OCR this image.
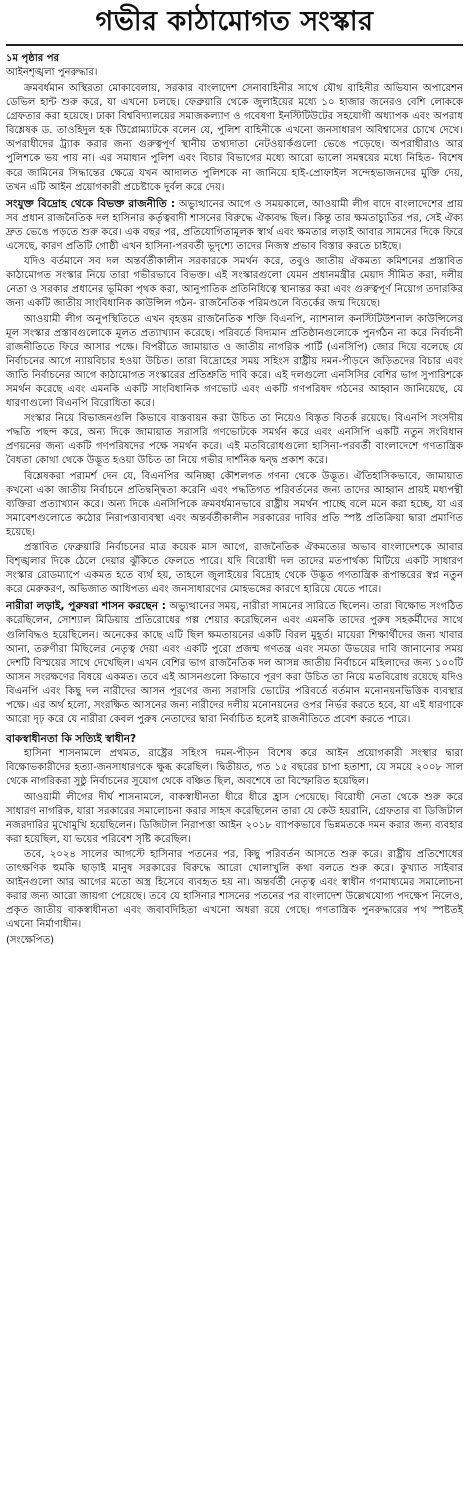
গভীর কাঠামোগত সংস্কার
১ম পৃষ্ঠার পর
আইনশৃঙ্খলা পুনরুদ্ধার।

ক্রমবর্ধমান অস্থিরতা মোকাবেলায়, সরকার বাংলাদেশ সেনাবাহিনীর সাথে যৌথ বাহিনীর অভিযান অপারেশন ডেভিল হান্ট শুরু করে, যা এখনো চলছে। ফেব্রুয়ারি থেকে জুলাইয়ের মধ্যে ১০ হাজার জনেরও বেশি লোককে গ্রেফতার করা হয়েছে। ঢাকা বিশ্ববিদ্যালয়ের সমাজকল্যাণ ও গবেষণা ইনস্টিটিউটের সহযোগী অধ্যাপক এবং অপরাধ বিশ্লেষক ড. তাওহিদুল হক উিপ্লোম্যাটকে বলেন যে, পুলিশ বাহিনীকে এখনো জনসাধারণ অবিশ্বাসের চোখে দেখে। অপরাধীদের ট্র্যাক করার জন্য গুরুত্বপূর্ণ স্থানীয় তথ্যদাতা নেটওয়ার্কগুলো ভেঙে পড়েছে। অপরাধীরাও আর পুলিশকে ভয় পায় না। এর সমাধান পুলিশ এবং বিচার বিভাগের মধ্যে আরো ভালো সমন্বয়ের মধ্যে নিহিত- বিশেষ করে জামিনের সিদ্ধান্তের ক্ষেত্রে যখন আদালত পুলিশকে না জানিয়ে হাই-প্রোফাইল সন্দেহভাজনদের মুক্তি দেয়, তখন এটি আইন প্রয়োগকারী প্রচেষ্টাকে দুর্বল করে দেয়।

সংযুক্ত বিদ্রোহ থেকে বিভক্ত রাজনীতি : অভ্যুত্থানের আগে ও সময়কালে, আওয়ামী লীগ বাদে বাংলাদেশের প্রায় সব প্রধান রাজনৈতিক দল হাসিনার কর্তৃত্ববাদী শাসনের বিরুদ্ধে ঐক্যবদ্ধ ছিল। কিন্তু তার ক্ষমতাচ্যুতির পর, সেই ঐক্য দ্রুত ভেঙে পড়তে শুরু করে। এক বছর পর, প্রতিযোগিতামূলক স্বার্থ এবং ক্ষমতার লড়াই আবার সামনের দিকে ফিরে এসেছে, কারণ প্রতিটি গোষ্ঠী এখন হাসিনা-পরবর্তী ভূদৃশ্যে তাদের নিজস্ব প্রভাব বিস্তার করতে চাইছে।

যদিও বর্তমানে সব দল অন্তর্বর্তীকালীন সরকারকে সমর্থন করে, তবুও জাতীয় ঐকমত্য কমিশনের প্রস্তাবিত কাঠামোগত সংস্কার নিয়ে তারা গভীরভাবে বিভক্ত। এই সংস্কারগুলো যেমন প্রধানমন্ত্রীর মেয়াদ সীমিত করা, দলীয় নেতা ও সরকার প্রধানের ভূমিকা পৃথক করা, আনুপাতিক প্রতিনিধিত্বে স্থানান্তর করা এবং গুরুত্বপূর্ণ নিয়োগ তদারকির জন্য একটি জাতীয় সাংবিধানিক কাউন্সিল গঠন- রাজনৈতিক পরিমণ্ডলে বিতর্কের জন্ম দিয়েছে।

আওয়ামী লীগ অনুপস্থিতিতে এখন বৃহত্তম রাজনৈতিক শক্তি বিএনপি, ন্যাশনাল কনস্টিটিউশনাল কাউন্সিলের মূল সংস্কার প্রস্তাবগুলোকে মূলত প্রত্যাখ্যান করেছে। পরিবর্তে বিদ্যমান প্রতিষ্ঠানগুলোকে পুনর্গঠন না করে নির্বাচনী রাজনীতিতে ফিরে আসার পক্ষে। বিপরীতে জামায়াত ও জাতীয় নাগরিক পার্টি (এনসিপি) জোর দিয়ে বলেছে যে নির্বাচনের আগে ন্যায়বিচার হওয়া উচিত। তারা বিদ্রোহের সময় সহিংস রাষ্ট্রীয় দমন-পীড়নে জড়িতদের বিচার এবং জাতি নির্বাচনের আগে কাঠামোগত সংস্কারের প্রতিশ্রুতি দাবি করে। এই দলগুলো এনসিসির বেশির ভাগ সুপারিশকে সমর্থন করেছে এবং এমনকি একটি সাংবিধানিক গণভোট এবং একটি গণপরিষদ গঠনের আহ্বান জানিয়েছে, যে ধারণাগুলো বিএনপি বিরোধিতা করে।

সংস্কার নিয়ে বিভাজনগুলি কিভাবে বাস্তবায়ন করা উচিত তা নিয়েও বিস্তৃত বিতর্ক রয়েছে। বিএনপি সংসদীয় পদ্ধতি পছন্দ করে, অন্য দিকে জামায়াত সরাসরি গণভোটকে সমর্থন করে এবং এনসিপি একটি নতুন সংবিধান প্রণয়নের জন্য একটি গণপরিষদের পক্ষে সমর্থন করে। এই মতবিরোধগুলো হাসিনা-পরবর্তী বাংলাদেশে গণতান্ত্রিক বৈধতা কোথা থেকে উদ্ভূত হওয়া উচিত তা নিয়ে গভীর দার্শনিক দ্বন্দ্ব প্রকাশ করে।

বিশ্লেষকরা পরামর্শ দেন যে, বিএনপির অনিচ্ছা কৌশলগত গণনা থেকে উদ্ভূত। ঐতিহাসিকভাবে, জামায়াত কখনো একা জাতীয় নির্বাচনে প্রতিদ্বন্দ্বিতা করেনি এবং পদ্ধতিগত পরিবর্তনের জন্য তাদের আহ্বান প্রায়ই মধ্যপন্থী ব্যক্তিরা প্রত্যাখ্যান করে। অন্য দিকে এনসিপিকে ক্রমবর্ধমানভাবে রাষ্ট্রীয় সমর্থন পাচ্ছে বলে মনে করা হচ্ছে, যা এর সমাবেশগুলোতে কঠোর নিরাপত্তাব্যবস্থা এবং অন্তর্বর্তীকালীন সরকারের দাবির প্রতি স্পষ্ট প্রতিক্রিয়া দ্বারা প্রমাণিত হয়েছে।

প্রস্তাবিত ফেব্রুয়ারি নির্বাচনের মাত্র কয়েক মাস আগে, রাজনৈতিক ঐকমত্যের অভাব বাংলাদেশকে আবার বিশৃঙ্খলার দিকে ঠেলে দেয়ার ঝুঁকিতে ফেলতে পারে। যদি বিরোধী দল তাদের মতপার্থক্য মিটিয়ে একটি সাধারণ সংস্কার রোডম্যাপে একমত হতে ব্যর্থ হয়, তাহলে জুলাইয়ের বিদ্রোহ থেকে উদ্ভূত গণতান্ত্রিক রূপান্তরের স্বপ্ন নতুন করে মেরুকরণ, অভিজাত আধিপত্য এবং জনসাধারণের মোহভঙ্গের কারণে হারিয়ে যেতে পারে।

নারীরা লড়াই, পুরুষরা শাসন করছেন : অভ্যুত্থানের সময়, নারীরা সামনের সারিতে ছিলেন। তারা বিক্ষোভ সংগঠিত করেছিলেন, সোশ্যাল মিডিয়ায় প্রতিরোধের গল্প শেয়ার করেছিলেন এবং এমনকি তাদের পুরুষ সহকর্মীদের সাথে গুলিবিদ্ধও হয়েছিলেন। অনেকের কাছে এটি ছিল ক্ষমতায়নের একটি বিরল মুহূর্ত। মায়েরা শিক্ষার্থীদের জন্য খাবার আনা, তরুণীরা মিছিলের নেতৃত্ব দেয়া এবং একটি পুরো প্রজন্ম গণতন্ত্র এবং সমতা উভয়ের দাবি জানানোর সময় দেশটি বিস্ময়ের সাথে দেখেছিল। এখন বেশির ভাগ রাজনৈতিক দল আসন্ন জাতীয় নির্বাচনে মহিলাদের জন্য ১০০টি আসন সংরক্ষণের বিষয়ে একমত। তবে এই আসনগুলো কিভাবে পূরণ করা উচিত তা নিয়ে মতবিরোধ রয়েছে যদিও বিএনপি এবং কিছু দল নারীদের আসন পূরণের জন্য সরাসরি ভোটের পরিবর্তে বর্তমান মনোনয়নভিত্তিক ব্যবস্থার পক্ষে। এর অর্থ হলো, সংরক্ষিত আসনের জন্য নারীদের দলীয় মনোনয়নের ওপর নির্ভর করতে হবে, যা এই ধারণাকে আরো দৃঢ় করে যে নারীরা কেবল পুরুষ নেতাদের দ্বারা নির্বাচিত হলেই রাজনীতিতে প্রবেশ করতে পারে।

বাকস্বাধীনতা কি সত্যিই স্বাধীন?

হাসিনা শাসনামলে প্রথমত, রাষ্ট্রের সহিংস দমন-পীড়ন বিশেষ করে আইন প্রয়োগকারী সংস্থার দ্বারা বিক্ষোভকারীদের হত্যা-জনসাধারণকে ক্ষুব্ধ করেছিল। দ্বিতীয়ত, গত ১৫ বছরের চাপা হতাশা, যে সময়ে ২০০৮ সাল থেকে নাগরিকরা সুষ্ঠু নির্বাচনের সুযোগ থেকে বঞ্চিত ছিল, অবশেষে তা বিস্ফোরিত হয়েছিল।

আওয়ামী লীগের দীর্ঘ শাসনামলে, বাকস্বাধীনতা ধীরে ধীরে হ্রাস পেয়েছে। বিরোধী নেতা থেকে শুরু করে সাধারণ নাগরিক, যারা সরকারের সমালোচনা করার সাহস করেছিলেন তারা যে কেউ হয়রানি, গ্রেফতার বা ডিজিটাল নজরদারির মুখোমুখি হয়েছিলেন। ডিজিটাল নিরাপত্তা আইন ২০১৮ ব্যাপকভাবে ভিন্নমতকে দমন করার জন্য ব্যবহার করা হয়েছিল, যা ভয়ের পরিবেশ সৃষ্টি করেছিল।

তবে, ২০২৪ সালের আগস্টে হাসিনার পতনের পর, কিছু পরিবর্তন আসতে শুরু করে। রাষ্ট্রীয় প্রতিশোধের তাৎক্ষণিক হুমকি ছাড়াই মানুষ সরকারের বিরুদ্ধে আরো খোলাখুলি কথা বলতে শুরু করে। কুখ্যাত সাইবার আইনগুলো আর আগের মতো অস্ত্র হিসেবে ব্যবহৃত হয় না। অন্তর্বর্তী নেতৃত্ব এবং স্বাধীন গণমাধ্যমের সমালোচনা করার জন্য আরো জায়গা পেয়েছে। তবে যে হাসিনার শাসনের পতনের পর বাংলাদেশ উল্লেখযোগ্য পদক্ষেপ নিলেও, প্রকৃত জাতীয় বাকস্বাধীনতা এবং জবাবদিহিতা এখনো অধরা রয়ে গেছে। গণতান্ত্রিক পুনরুদ্ধারের পথ স্পষ্টতই এখনো নির্মাণাধীন।

(সংক্ষেপিত)
